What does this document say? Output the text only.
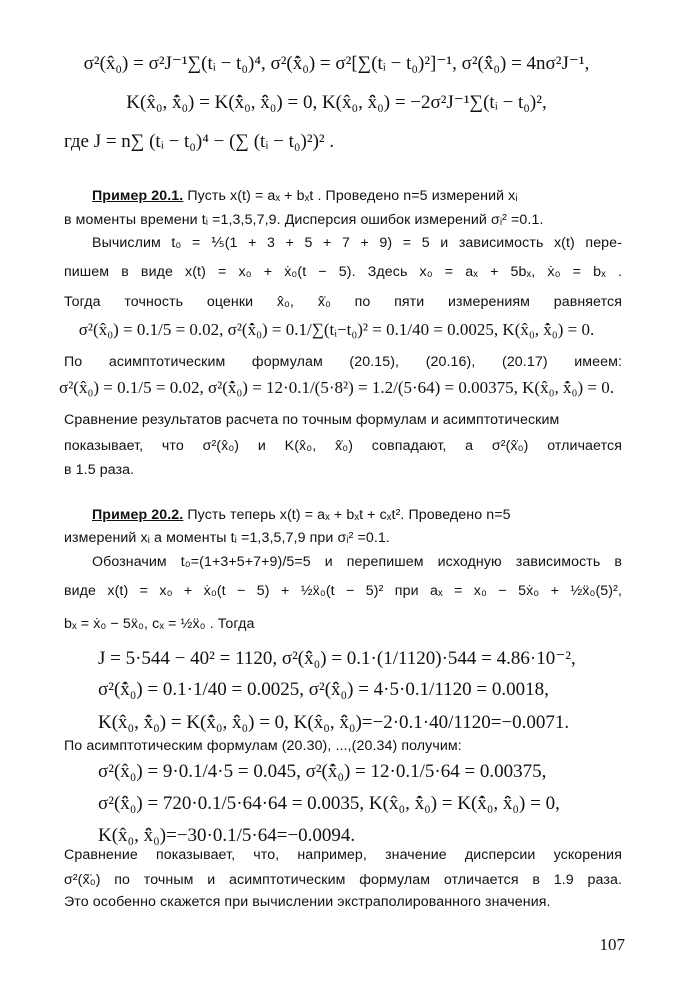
σ²(x̂₀) = σ²J⁻¹∑(tᵢ − t₀)⁴, σ²(x̂̇₀) = σ²[∑(tᵢ − t₀)²]⁻¹, σ²(x̂̈₀) = 4nσ²J⁻¹,
K(x̂₀, x̂̇₀) = K(x̂̇₀, x̂̈₀) = 0, K(x̂₀, x̂̈₀) = −2σ²J⁻¹∑(tᵢ − t₀)²,
где J = n∑ (tᵢ − t₀)⁴ − (∑ (tᵢ − t₀)²)² .
Пример 20.1. Пусть x(t) = aₓ + bₓt . Проведено n=5 измерений xᵢ
в моменты времени tᵢ =1,3,5,7,9. Дисперсия ошибок измерений σᵢ² =0.1.
Вычислим t₀ = ⅕(1 + 3 + 5 + 7 + 9) = 5 и зависимость x(t) пере-
пишем в виде x(t) = x₀ + ẋ₀(t − 5). Здесь x₀ = aₓ + 5bₓ, ẋ₀ = bₓ .
Тогда точность оценки x̂₀, x̂̇₀ по пяти измерениям равняется
σ²(x̂₀) = 0.1/5 = 0.02, σ²(x̂̇₀) = 0.1/∑(tᵢ−t₀)² = 0.1/40 = 0.0025, K(x̂₀, x̂̇₀) = 0.
По асимптотическим формулам (20.15), (20.16), (20.17) имеем:
σ²(x̂₀) = 0.1/5 = 0.02, σ²(x̂̇₀) = 12·0.1/(5·8²) = 1.2/(5·64) = 0.00375, K(x̂₀, x̂̇₀) = 0.
Сравнение результатов расчета по точным формулам и асимптотическим
показывает, что σ²(x̂₀) и K(x̂₀, x̂̇₀) совпадают, а σ²(x̂̇₀) отличается
в 1.5 раза.
Пример 20.2. Пусть теперь x(t) = aₓ + bₓt + cₓt². Проведено n=5
измерений xᵢ а моменты tᵢ =1,3,5,7,9 при σᵢ² =0.1.
Обозначим t₀=(1+3+5+7+9)/5=5 и перепишем исходную зависимость в
виде x(t) = x₀ + ẋ₀(t − 5) + ½ẍ₀(t − 5)² при aₓ = x₀ − 5ẋ₀ + ½ẍ₀(5)²,
bₓ = ẋ₀ − 5ẍ₀, cₓ = ½ẍ₀ . Тогда
J = 5·544 − 40² = 1120, σ²(x̂̈₀) = 0.1·(1/1120)·544 = 4.86·10⁻²,
σ²(x̂̇₀) = 0.1·1/40 = 0.0025, σ²(x̂̈₀) = 4·5·0.1/1120 = 0.0018,
K(x̂₀, x̂̇₀) = K(x̂̇₀, x̂̈₀) = 0, K(x̂₀, x̂̈₀)=−2·0.1·40/1120=−0.0071.
По асимптотическим формулам (20.30), ...,(20.34) получим:
σ²(x̂₀) = 9·0.1/4·5 = 0.045, σ²(x̂̇₀) = 12·0.1/5·64 = 0.00375,
σ²(x̂̈₀) = 720·0.1/5·64·64 = 0.0035, K(x̂₀, x̂̇₀) = K(x̂̇₀, x̂̈₀) = 0,
K(x̂₀, x̂̈₀)=−30·0.1/5·64=−0.0094.
Сравнение показывает, что, например, значение дисперсии ускорения
σ²(x̂̈₀) по точным и асимптотическим формулам отличается в 1.9 раза.
Это особенно скажется при вычислении экстраполированного значения.
107
